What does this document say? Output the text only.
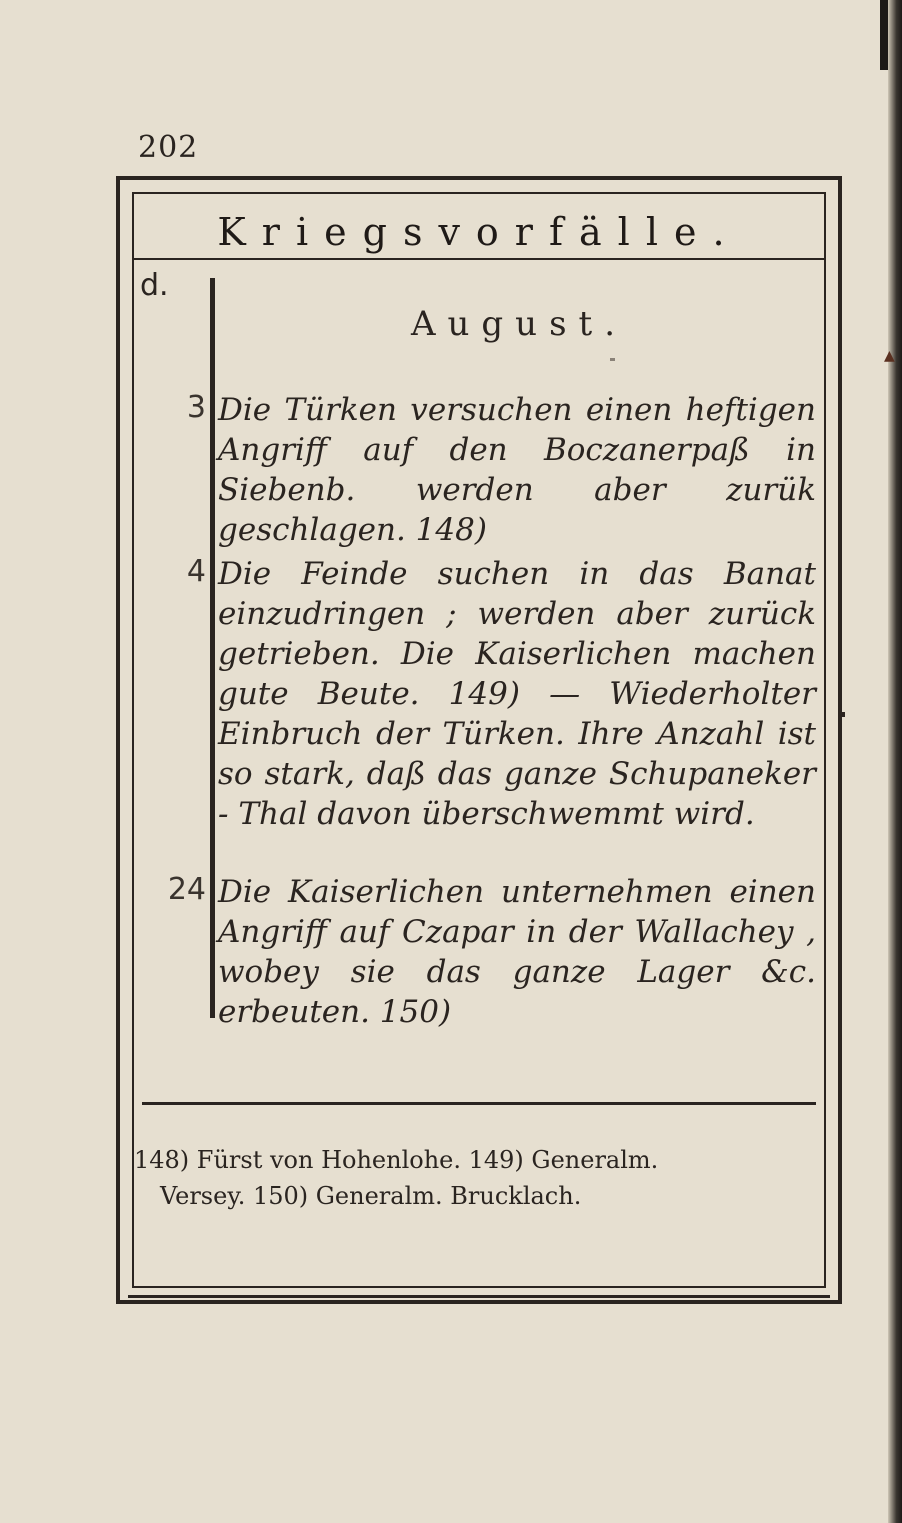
▲
202
Kriegsvorfälle.
d.
August.
3 Die Türken versuchen einen heftigen Angriff auf den Boczanerpaß in Siebenb. werden aber zurük geschlagen. 148)
4 Die Feinde suchen in das Banat einzudringen ; werden aber zurück getrieben. Die Kaiserlichen machen gute Beute. 149) — Wiederholter Einbruch der Türken. Ihre Anzahl ist so stark, daß das ganze Schupaneker - Thal davon überschwemmt wird.
24 Die Kaiserlichen unternehmen einen Angriff auf Czapar in der Wallachey , wobey sie das ganze Lager &c. erbeuten. 150)
148) Fürst von Hohenlohe. 149) Generalm.
Versey. 150) Generalm. Brucklach.
